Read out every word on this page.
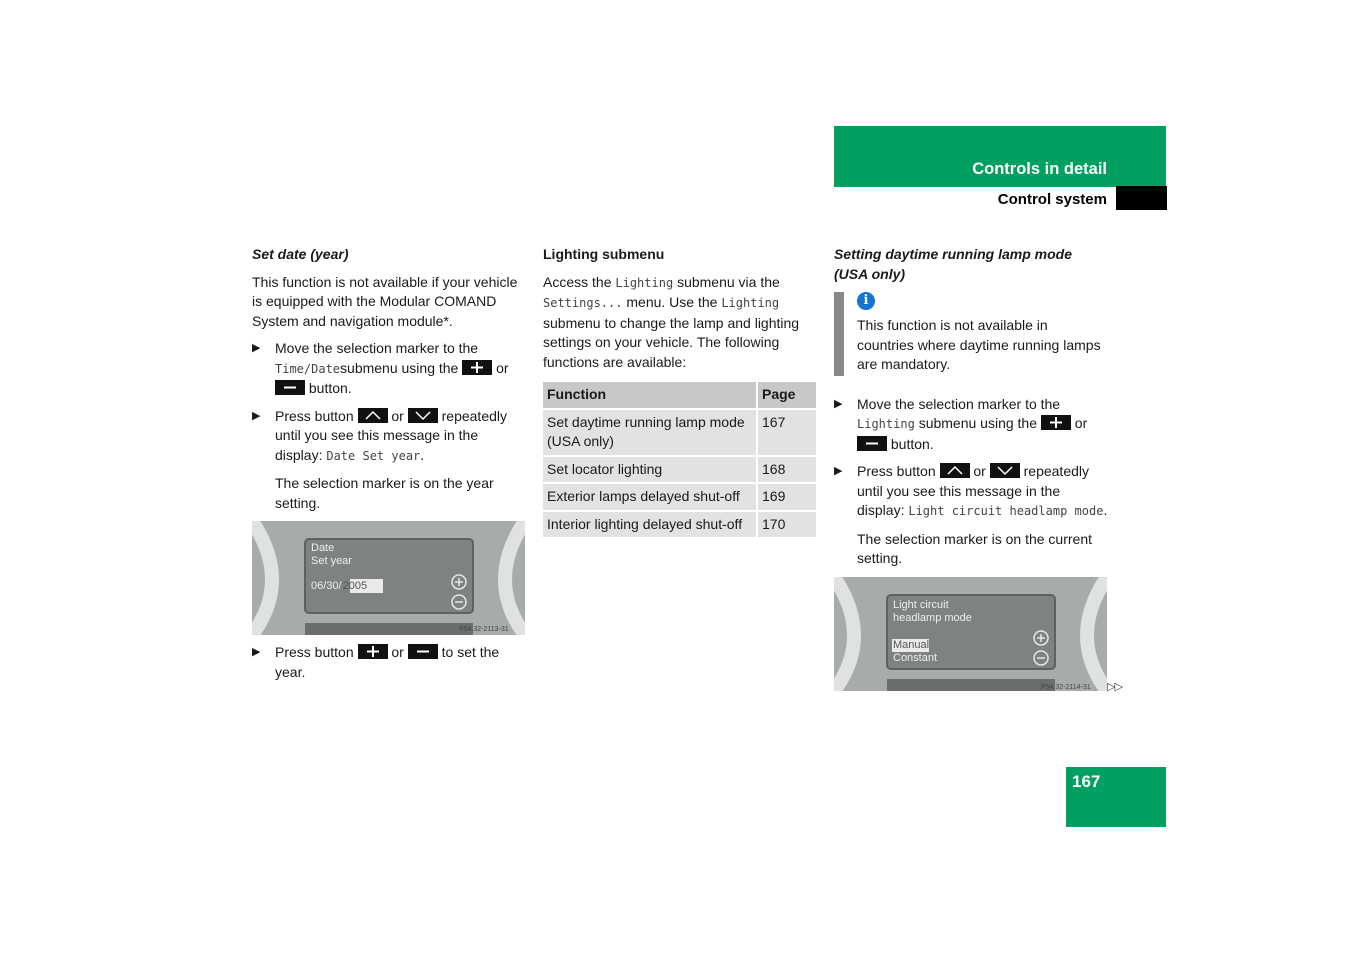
Controls in detail
Control system
Set date (year)

This function is not available if your vehicle is equipped with the Modular COMAND System and navigation module*.

▶ Move the selection marker to the Time/Datesubmenu using the	or
button.
▶ Press button	or	repeatedly until you see this message in the display: Date Set year.

The selection marker is on the year setting.

Date
Set year
06/30/2005
P54.32-2113-31
▶ Press button	or	to set the year.
Lighting submenu

Access the Lighting submenu via the Settings... menu. Use the Lighting submenu to change the lamp and lighting settings on your vehicle. The following functions are available:

Function	Page
Set daytime running lamp mode (USA only)	167
Set locator lighting	168
Exterior lamps delayed shut-off	169
Interior lighting delayed shut-off	170
Setting daytime running lamp mode (USA only)
i
This function is not available in countries where daytime running lamps are mandatory.
▶ Move the selection marker to the Lighting submenu using the	or
button.
▶ Press button	or	repeatedly until you see this message in the display: Light circuit headlamp mode.

The selection marker is on the current setting.

Light circuit
headlamp mode
Manual
Constant
P54.32-2114-31 ▷▷
167
